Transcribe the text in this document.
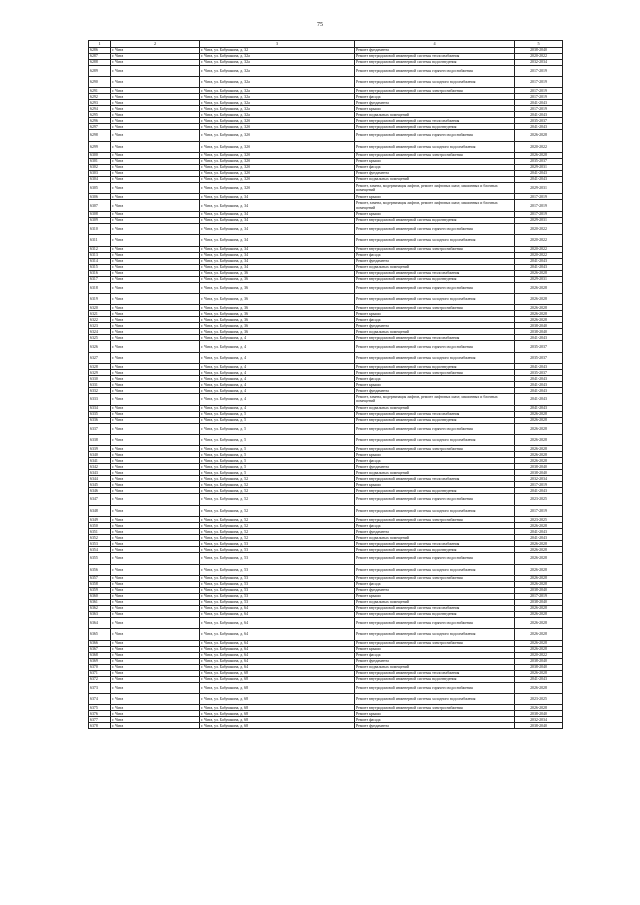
75
1	2	3	4	5
6286	г. Чита	г. Чита, ул. Бабушкина, д. 32	Ремонт фундамента	2038-2040
6287	г. Чита	г. Чита, ул. Бабушкина, д. 32а	Ремонт внутридомовой инженерной системы теплоснабжения	2020-2022
6288	г. Чита	г. Чита, ул. Бабушкина, д. 32а	Ремонт внутридомовой инженерной системы водоотведения	2032-2034
6289	г. Чита	г. Чита, ул. Бабушкина, д. 32а	Ремонт внутридомовой инженерной системы горячего водоснабжения	2017-2019
6290	г. Чита	г. Чита, ул. Бабушкина, д. 32а	Ремонт внутридомовой инженерной системы холодного водоснабжения	2017-2019
6291	г. Чита	г. Чита, ул. Бабушкина, д. 32а	Ремонт внутридомовой инженерной системы электроснабжения	2017-2019
6292	г. Чита	г. Чита, ул. Бабушкина, д. 32а	Ремонт фасада	2017-2019
6293	г. Чита	г. Чита, ул. Бабушкина, д. 32а	Ремонт фундамента	2041-2043
6294	г. Чита	г. Чита, ул. Бабушкина, д. 32а	Ремонт крыши	2017-2019
6295	г. Чита	г. Чита, ул. Бабушкина, д. 32а	Ремонт подвальных помещений	2041-2043
6296	г. Чита	г. Чита, ул. Бабушкина, д. 32б	Ремонт внутридомовой инженерной системы теплоснабжения	2035-2037
6297	г. Чита	г. Чита, ул. Бабушкина, д. 32б	Ремонт внутридомовой инженерной системы водоотведения	2041-2043
6298	г. Чита	г. Чита, ул. Бабушкина, д. 32б	Ремонт внутридомовой инженерной системы горячего водоснабжения	2026-2028
6299	г. Чита	г. Чита, ул. Бабушкина, д. 32б	Ремонт внутридомовой инженерной системы холодного водоснабжения	2020-2022
6300	г. Чита	г. Чита, ул. Бабушкина, д. 32б	Ремонт внутридомовой инженерной системы электроснабжения	2026-2028
6301	г. Чита	г. Чита, ул. Бабушкина, д. 32б	Ремонт крыши	2035-2037
6302	г. Чита	г. Чита, ул. Бабушкина, д. 32б	Ремонт фасада	2029-2031
6303	г. Чита	г. Чита, ул. Бабушкина, д. 32б	Ремонт фундамента	2041-2043
6304	г. Чита	г. Чита, ул. Бабушкина, д. 32б	Ремонт подвальных помещений	2041-2043
6305	г. Чита	г. Чита, ул. Бабушкина, д. 32б	Ремонт, замена, модернизация лифтов, ремонт лифтовых шахт, машинных и блочных помещений	2029-2031
6306	г. Чита	г. Чита, ул. Бабушкина, д. 34	Ремонт крыши	2017-2019
6307	г. Чита	г. Чита, ул. Бабушкина, д. 34	Ремонт, замена, модернизация лифтов, ремонт лифтовых шахт, машинных и блочных помещений	2017-2019
6308	г. Чита	г. Чита, ул. Бабушкина, д. 34	Ремонт крыши	2017-2019
6309	г. Чита	г. Чита, ул. Бабушкина, д. 34	Ремонт внутридомовой инженерной системы водоотведения	2029-2031
6310	г. Чита	г. Чита, ул. Бабушкина, д. 34	Ремонт внутридомовой инженерной системы горячего водоснабжения	2020-2022
6311	г. Чита	г. Чита, ул. Бабушкина, д. 34	Ремонт внутридомовой инженерной системы холодного водоснабжения	2020-2022
6312	г. Чита	г. Чита, ул. Бабушкина, д. 34	Ремонт внутридомовой инженерной системы электроснабжения	2020-2022
6313	г. Чита	г. Чита, ул. Бабушкина, д. 34	Ремонт фасада	2020-2022
6314	г. Чита	г. Чита, ул. Бабушкина, д. 34	Ремонт фундамента	2041-2043
6315	г. Чита	г. Чита, ул. Бабушкина, д. 34	Ремонт подвальных помещений	2041-2043
6316	г. Чита	г. Чита, ул. Бабушкина, д. 36	Ремонт внутридомовой инженерной системы теплоснабжения	2026-2028
6317	г. Чита	г. Чита, ул. Бабушкина, д. 36	Ремонт внутридомовой инженерной системы водоотведения	2029-2031
6318	г. Чита	г. Чита, ул. Бабушкина, д. 36	Ремонт внутридомовой инженерной системы горячего водоснабжения	2026-2028
6319	г. Чита	г. Чита, ул. Бабушкина, д. 36	Ремонт внутридомовой инженерной системы холодного водоснабжения	2026-2028
6320	г. Чита	г. Чита, ул. Бабушкина, д. 36	Ремонт внутридомовой инженерной системы электроснабжения	2026-2028
6321	г. Чита	г. Чита, ул. Бабушкина, д. 36	Ремонт крыши	2026-2028
6322	г. Чита	г. Чита, ул. Бабушкина, д. 36	Ремонт фасада	2026-2028
6323	г. Чита	г. Чита, ул. Бабушкина, д. 36	Ремонт фундамента	2038-2040
6324	г. Чита	г. Чита, ул. Бабушкина, д. 36	Ремонт подвальных помещений	2038-2040
6325	г. Чита	г. Чита, ул. Бабушкина, д. 4	Ремонт внутридомовой инженерной системы теплоснабжения	2041-2043
6326	г. Чита	г. Чита, ул. Бабушкина, д. 4	Ремонт внутридомовой инженерной системы горячего водоснабжения	2035-2037
6327	г. Чита	г. Чита, ул. Бабушкина, д. 4	Ремонт внутридомовой инженерной системы холодного водоснабжения	2035-2037
6328	г. Чита	г. Чита, ул. Бабушкина, д. 4	Ремонт внутридомовой инженерной системы водоотведения	2041-2043
6329	г. Чита	г. Чита, ул. Бабушкина, д. 4	Ремонт внутридомовой инженерной системы электроснабжения	2035-2037
6330	г. Чита	г. Чита, ул. Бабушкина, д. 4	Ремонт фасада	2041-2043
6331	г. Чита	г. Чита, ул. Бабушкина, д. 4	Ремонт крыши	2041-2043
6332	г. Чита	г. Чита, ул. Бабушкина, д. 4	Ремонт фундамента	2041-2043
6333	г. Чита	г. Чита, ул. Бабушкина, д. 4	Ремонт, замена, модернизация лифтов, ремонт лифтовых шахт, машинных и блочных помещений	2041-2043
6334	г. Чита	г. Чита, ул. Бабушкина, д. 4	Ремонт подвальных помещений	2041-2043
6335	г. Чита	г. Чита, ул. Бабушкина, д. 5	Ремонт внутридомовой инженерной системы теплоснабжения	2026-2028
6336	г. Чита	г. Чита, ул. Бабушкина, д. 5	Ремонт внутридомовой инженерной системы водоотведения	2026-2028
6337	г. Чита	г. Чита, ул. Бабушкина, д. 5	Ремонт внутридомовой инженерной системы горячего водоснабжения	2026-2028
6338	г. Чита	г. Чита, ул. Бабушкина, д. 5	Ремонт внутридомовой инженерной системы холодного водоснабжения	2026-2028
6339	г. Чита	г. Чита, ул. Бабушкина, д. 5	Ремонт внутридомовой инженерной системы электроснабжения	2026-2028
6340	г. Чита	г. Чита, ул. Бабушкина, д. 5	Ремонт крыши	2026-2028
6341	г. Чита	г. Чита, ул. Бабушкина, д. 5	Ремонт фасада	2026-2028
6342	г. Чита	г. Чита, ул. Бабушкина, д. 5	Ремонт фундамента	2038-2040
6343	г. Чита	г. Чита, ул. Бабушкина, д. 5	Ремонт подвальных помещений	2038-2040
6344	г. Чита	г. Чита, ул. Бабушкина, д. 52	Ремонт внутридомовой инженерной системы теплоснабжения	2032-2034
6345	г. Чита	г. Чита, ул. Бабушкина, д. 52	Ремонт крыши	2017-2019
6346	г. Чита	г. Чита, ул. Бабушкина, д. 52	Ремонт внутридомовой инженерной системы водоотведения	2041-2043
6347	г. Чита	г. Чита, ул. Бабушкина, д. 52	Ремонт внутридомовой инженерной системы горячего водоснабжения	2023-2025
6348	г. Чита	г. Чита, ул. Бабушкина, д. 52	Ремонт внутридомовой инженерной системы холодного водоснабжения	2017-2019
6349	г. Чита	г. Чита, ул. Бабушкина, д. 52	Ремонт внутридомовой инженерной системы электроснабжения	2023-2025
6350	г. Чита	г. Чита, ул. Бабушкина, д. 52	Ремонт фасада	2026-2028
6351	г. Чита	г. Чита, ул. Бабушкина, д. 52	Ремонт фундамента	2041-2043
6352	г. Чита	г. Чита, ул. Бабушкина, д. 52	Ремонт подвальных помещений	2041-2043
6353	г. Чита	г. Чита, ул. Бабушкина, д. 53	Ремонт внутридомовой инженерной системы теплоснабжения	2026-2028
6354	г. Чита	г. Чита, ул. Бабушкина, д. 53	Ремонт внутридомовой инженерной системы водоотведения	2026-2028
6355	г. Чита	г. Чита, ул. Бабушкина, д. 53	Ремонт внутридомовой инженерной системы горячего водоснабжения	2026-2028
6356	г. Чита	г. Чита, ул. Бабушкина, д. 53	Ремонт внутридомовой инженерной системы холодного водоснабжения	2026-2028
6357	г. Чита	г. Чита, ул. Бабушкина, д. 53	Ремонт внутридомовой инженерной системы электроснабжения	2026-2028
6358	г. Чита	г. Чита, ул. Бабушкина, д. 53	Ремонт фасада	2026-2028
6359	г. Чита	г. Чита, ул. Бабушкина, д. 53	Ремонт фундамента	2038-2040
6360	г. Чита	г. Чита, ул. Бабушкина, д. 53	Ремонт крыши	2017-2019
6361	г. Чита	г. Чита, ул. Бабушкина, д. 53	Ремонт подвальных помещений	2038-2040
6362	г. Чита	г. Чита, ул. Бабушкина, д. 64	Ремонт внутридомовой инженерной системы теплоснабжения	2026-2028
6363	г. Чита	г. Чита, ул. Бабушкина, д. 64	Ремонт внутридомовой инженерной системы водоотведения	2026-2028
6364	г. Чита	г. Чита, ул. Бабушкина, д. 64	Ремонт внутридомовой инженерной системы горячего водоснабжения	2026-2028
6365	г. Чита	г. Чита, ул. Бабушкина, д. 64	Ремонт внутридомовой инженерной системы холодного водоснабжения	2026-2028
6366	г. Чита	г. Чита, ул. Бабушкина, д. 64	Ремонт внутридомовой инженерной системы электроснабжения	2026-2028
6367	г. Чита	г. Чита, ул. Бабушкина, д. 64	Ремонт крыши	2026-2028
6368	г. Чита	г. Чита, ул. Бабушкина, д. 64	Ремонт фасада	2020-2022
6369	г. Чита	г. Чита, ул. Бабушкина, д. 64	Ремонт фундамента	2038-2040
6370	г. Чита	г. Чита, ул. Бабушкина, д. 64	Ремонт подвальных помещений	2038-2040
6371	г. Чита	г. Чита, ул. Бабушкина, д. 68	Ремонт внутридомовой инженерной системы теплоснабжения	2026-2028
6372	г. Чита	г. Чита, ул. Бабушкина, д. 68	Ремонт внутридомовой инженерной системы водоотведения	2041-2043
6373	г. Чита	г. Чита, ул. Бабушкина, д. 68	Ремонт внутридомовой инженерной системы горячего водоснабжения	2026-2028
6374	г. Чита	г. Чита, ул. Бабушкина, д. 68	Ремонт внутридомовой инженерной системы холодного водоснабжения	2023-2025
6375	г. Чита	г. Чита, ул. Бабушкина, д. 68	Ремонт внутридомовой инженерной системы электроснабжения	2026-2028
6376	г. Чита	г. Чита, ул. Бабушкина, д. 68	Ремонт крыши	2038-2040
6377	г. Чита	г. Чита, ул. Бабушкина, д. 68	Ремонт фасада	2032-2034
6378	г. Чита	г. Чита, ул. Бабушкина, д. 68	Ремонт фундамента	2038-2040
